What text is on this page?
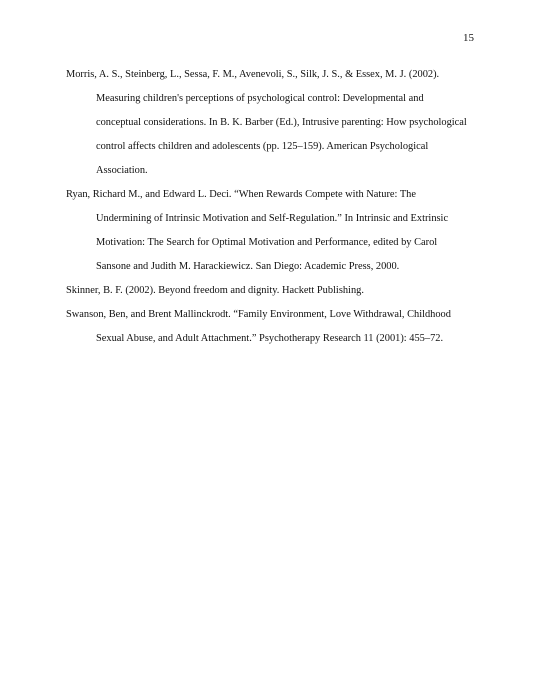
15
Morris, A. S., Steinberg, L., Sessa, F. M., Avenevoli, S., Silk, J. S., & Essex, M. J. (2002).
Measuring children's perceptions of psychological control: Developmental and
conceptual considerations. In B. K. Barber (Ed.), Intrusive parenting: How psychological
control affects children and adolescents (pp. 125–159). American Psychological
Association.
Ryan, Richard M., and Edward L. Deci. “When Rewards Compete with Nature: The
Undermining of Intrinsic Motivation and Self-Regulation.” In Intrinsic and Extrinsic
Motivation: The Search for Optimal Motivation and Performance, edited by Carol
Sansone and Judith M. Harackiewicz. San Diego: Academic Press, 2000.
Skinner, B. F. (2002). Beyond freedom and dignity. Hackett Publishing.
Swanson, Ben, and Brent Mallinckrodt. “Family Environment, Love Withdrawal, Childhood
Sexual Abuse, and Adult Attachment.” Psychotherapy Research 11 (2001): 455–72.
